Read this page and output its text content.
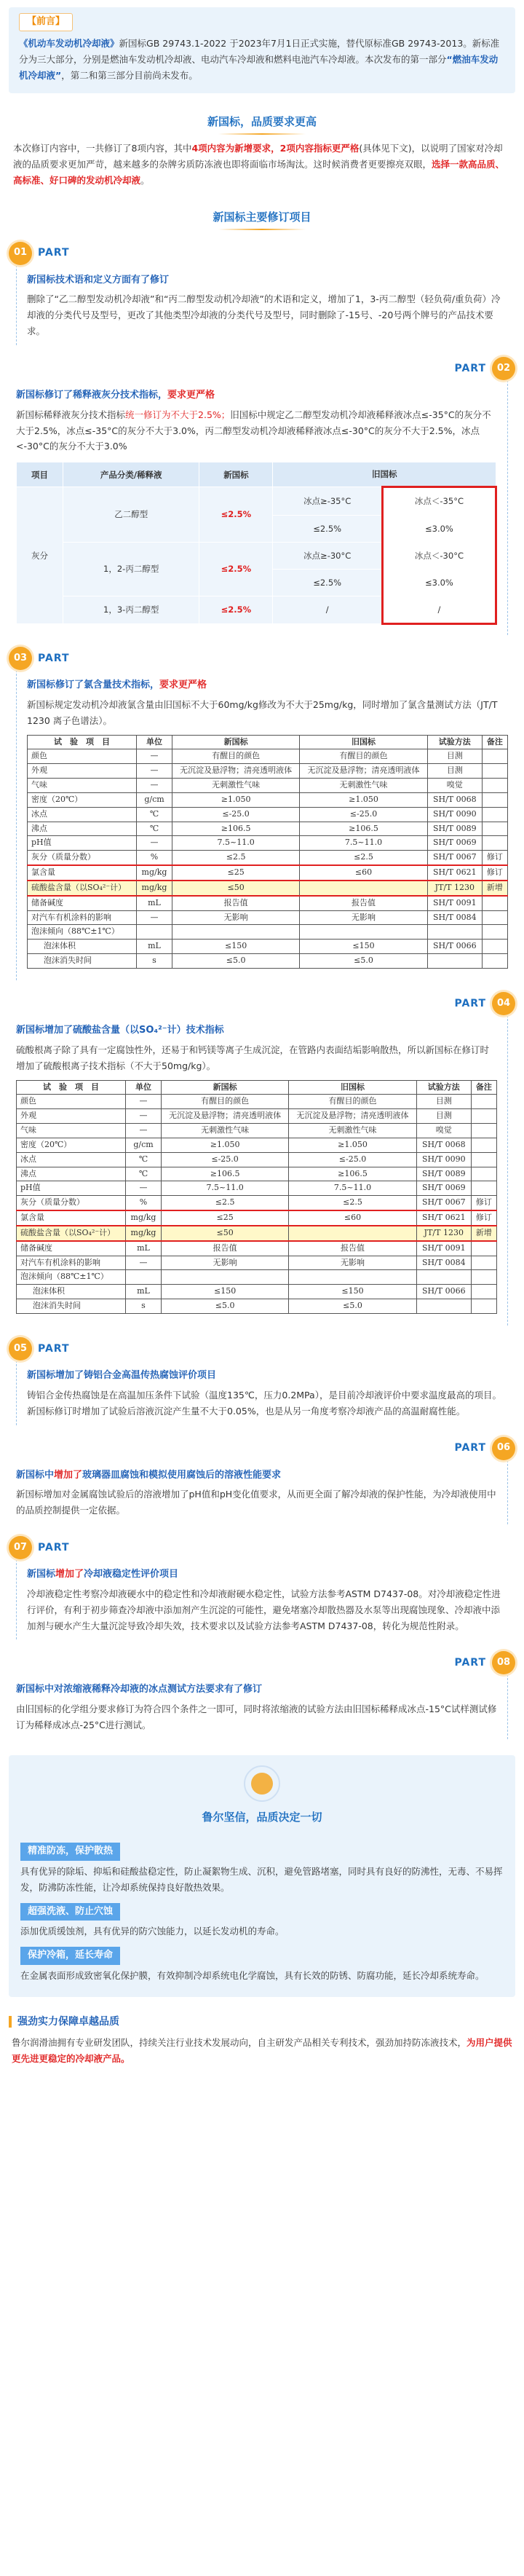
【前言】

《机动车发动机冷却液》新国标GB 29743.1-2022 于2023年7月1日正式实施，替代原标准GB 29743-2013。新标准分为三大部分，分别是燃油车发动机冷却液、电动汽车冷却液和燃料电池汽车冷却液。本次发布的第一部分“燃油车发动机冷却液”，第二和第三部分目前尚未发布。

新国标，品质要求更高

本次修订内容中，一共修订了8项内容，其中4项内容为新增要求，2项内容指标更严格(具体见下文)，以说明了国家对冷却液的品质要求更加严苛，越来越多的杂牌劣质防冻液也即将面临市场淘汰。这时候消费者更要擦亮双眼，选择一款高品质、高标准、好口碑的发动机冷却液。

新国标主要修订项目
01	PART
新国标技术语和定义方面有了修订
删除了“乙二醇型发动机冷却液”和“丙二醇型发动机冷却液”的术语和定义，增加了1，3-丙二醇型（轻负荷/重负荷）冷却液的分类代号及型号，更改了其他类型冷却液的分类代号及型号，同时删除了-15号、-20号两个牌号的产品技术要求。
PART	02
新国标修订了稀释液灰分技术指标，要求更严格
新国标稀释液灰分技术指标统一修订为不大于2.5%；旧国标中规定乙二醇型发动机冷却液稀释液冰点≤-35°C的灰分不大于2.5%，冰点≤-35°C的灰分不大于3.0%，丙二醇型发动机冷却液稀释液冰点≤-30°C的灰分不大于2.5%，冰点<-30°C的灰分不大于3.0%
项目	产品分类/稀释液	新国标	旧国标	
灰分	乙二醇型	≤2.5%	冰点≥-35°C	冰点＜-35°C
			≤2.5%	≤3.0%
	1，2-丙二醇型	≤2.5%	冰点≥-30°C	冰点＜-30°C
			≤2.5%	≤3.0%
	1，3-丙二醇型	≤2.5%	/	/
03	PART
新国标修订了氯含量技术指标，要求更严格
新国标规定发动机冷却液氯含量由旧国标不大于60mg/kg修改为不大于25mg/kg，同时增加了氯含量测试方法（JT/T 1230 离子色谱法）。
试　验　项　目	单位	新国标	旧国标	试验方法	备注
颜色	—	有醒目的颜色	有醒目的颜色	目测	
外观	—	无沉淀及悬浮物；清亮透明液体	无沉淀及悬浮物；清亮透明液体	目测	
气味	—	无刺激性气味	无刺激性气味	嗅觉	
密度（20℃）	g/cm	≥1.050	≥1.050	SH/T 0068	
冰点	℃	≤-25.0	≤-25.0	SH/T 0090	
沸点	℃	≥106.5	≥106.5	SH/T 0089	
pH值	—	7.5~11.0	7.5~11.0	SH/T 0069	
灰分（质量分数）	%	≤2.5	≤2.5	SH/T 0067	修订
氯含量	mg/kg	≤25	≤60	SH/T 0621	修订
硫酸盐含量（以SO₄²⁻计）	mg/kg	≤50		JT/T 1230	新增
储备碱度	mL	报告值	报告值	SH/T 0091	
对汽车有机涂料的影响	—	无影响	无影响	SH/T 0084	
泡沫倾向（88℃±1℃）					
泡沫体积	mL	≤150	≤150	SH/T 0066	
泡沫消失时间	s	≤5.0	≤5.0		
PART	04
新国标增加了硫酸盐含量（以SO₄²⁻计）技术指标
硫酸根离子除了具有一定腐蚀性外，还易于和钙镁等离子生成沉淀，在管路内表面结垢影响散热，所以新国标在修订时增加了硫酸根离子技术指标（不大于50mg/kg）。
试　验　项　目	单位	新国标	旧国标	试验方法	备注
颜色	—	有醒目的颜色	有醒目的颜色	目测	
外观	—	无沉淀及悬浮物；清亮透明液体	无沉淀及悬浮物；清亮透明液体	目测	
气味	—	无刺激性气味	无刺激性气味	嗅觉	
密度（20℃）	g/cm	≥1.050	≥1.050	SH/T 0068	
冰点	℃	≤-25.0	≤-25.0	SH/T 0090	
沸点	℃	≥106.5	≥106.5	SH/T 0089	
pH值	—	7.5~11.0	7.5~11.0	SH/T 0069	
灰分（质量分数）	%	≤2.5	≤2.5	SH/T 0067	修订
氯含量	mg/kg	≤25	≤60	SH/T 0621	修订
硫酸盐含量（以SO₄²⁻计）	mg/kg	≤50		JT/T 1230	新增
储备碱度	mL	报告值	报告值	SH/T 0091	
对汽车有机涂料的影响	—	无影响	无影响	SH/T 0084	
泡沫倾向（88℃±1℃）					
泡沫体积	mL	≤150	≤150	SH/T 0066	
泡沫消失时间	s	≤5.0	≤5.0		
05	PART
新国标增加了铸铝合金高温传热腐蚀评价项目
铸铝合金传热腐蚀是在高温加压条件下试验（温度135℃，压力0.2MPa），是目前冷却液评价中要求温度最高的项目。新国标修订时增加了试验后溶液沉淀产生量不大于0.05%，也是从另一角度考察冷却液产品的高温耐腐性能。
PART	06
新国标中增加了玻璃器皿腐蚀和模拟使用腐蚀后的溶液性能要求
新国标增加对金属腐蚀试验后的溶液增加了pH值和pH变化值要求，从而更全面了解冷却液的保护性能，为冷却液使用中的品质控制提供一定依据。
07	PART
新国标增加了冷却液稳定性评价项目
冷却液稳定性考察冷却液硬水中的稳定性和冷却液耐硬水稳定性，试验方法参考ASTM D7437-08。对冷却液稳定性进行评价，有利于初步筛查冷却液中添加剂产生沉淀的可能性，避免堵塞冷却散热器及水泵等出现腐蚀现象、冷却液中添加剂与硬水产生大量沉淀导致冷却失效，技术要求以及试验方法参考ASTM D7437-08，转化为规范性附录。
PART	08
新国标中对浓缩液稀释冷却液的冰点测试方法要求有了修订
由旧国标的化学组分要求修订为符合四个条件之一即可，同时将浓缩液的试验方法由旧国标稀释成冰点-15°C试样测试修订为稀释成冰点-25°C进行测试。
鲁尔坚信，品质决定一切
精准防冻，保护散热
具有优异的除垢、抑垢和硅酸盐稳定性，防止凝絮物生成、沉积，避免管路堵塞，同时具有良好的防沸性，无毒、不易挥发，防沸防冻性能，让冷却系统保持良好散热效果。
超强洗液、防止穴蚀
添加优质缓蚀剂，具有优异的防穴蚀能力，以延长发动机的寿命。
保护冷箱，延长寿命
在金属表面形成致密氧化保护膜，有效抑制冷却系统电化学腐蚀，具有长效的防锈、防腐功能，延长冷却系统寿命。
强劲实力保障卓越品质

鲁尔润滑油拥有专业研发团队，持续关注行业技术发展动向，自主研发产品相关专利技术，强劲加持防冻液技术，为用户提供更先进更稳定的冷却液产品。
